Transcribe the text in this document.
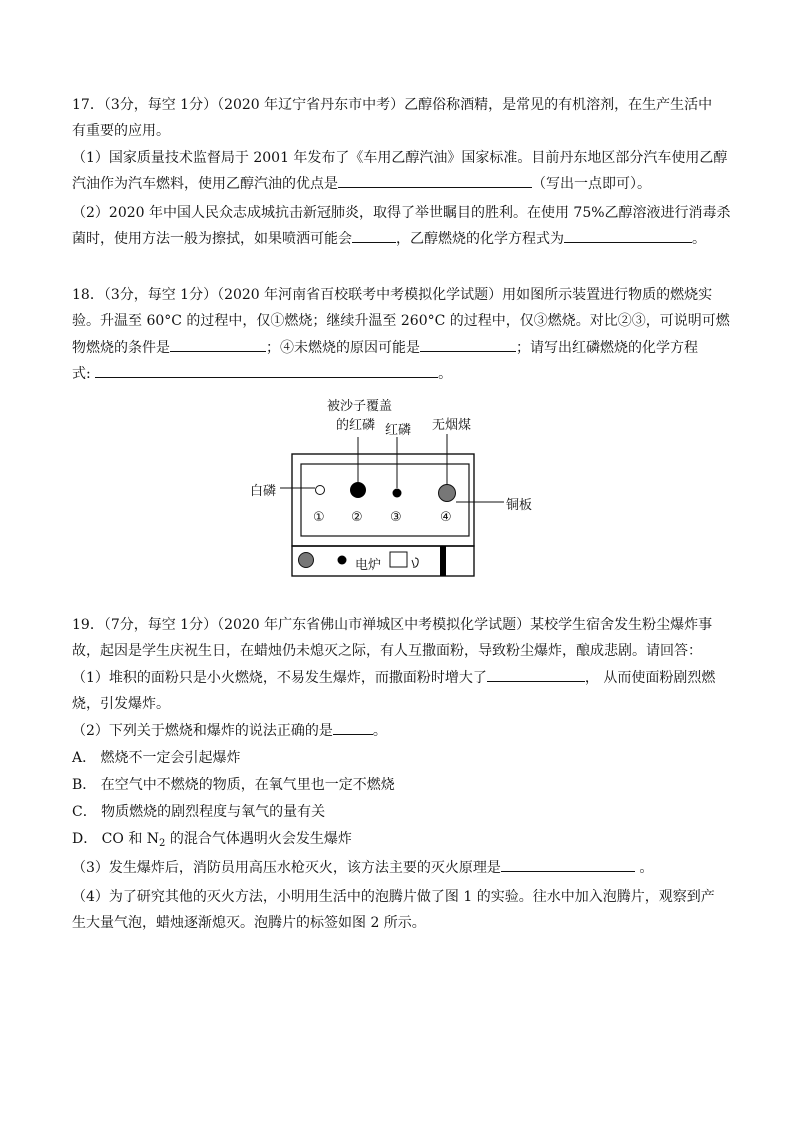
17．（3分，每空 1分）（2020 年辽宁省丹东市中考）乙醇俗称酒精，是常见的有机溶剂，在生产生活中
有重要的应用。
（1）国家质量技术监督局于 2001 年发布了《车用乙醇汽油》国家标准。目前丹东地区部分汽车使用乙醇
汽油作为汽车燃料，使用乙醇汽油的优点是	（写出一点即可）。
（2）2020 年中国人民众志成城抗击新冠肺炎，取得了举世瞩目的胜利。在使用 75%乙醇溶液进行消毒杀
菌时，使用方法一般为擦拭，如果喷洒可能会	，乙醇燃烧的化学方程式为	。
18．（3分，每空 1分）（2020 年河南省百校联考中考模拟化学试题）用如图所示装置进行物质的燃烧实
验。升温至 60°C 的过程中，仅①燃烧；继续升温至 260°C 的过程中，仅③燃烧。对比②③，可说明可燃
物燃烧的条件是	；④未燃烧的原因可能是	；请写出红磷燃烧的化学方程
式:	。
被沙子覆盖
的红磷 红磷 无烟煤
白磷
铜板
电炉
① ② ③	④
19．（7分，每空 1分）（2020 年广东省佛山市禅城区中考模拟化学试题）某校学生宿舍发生粉尘爆炸事
故，起因是学生庆祝生日，在蜡烛仍未熄灭之际，有人互撒面粉，导致粉尘爆炸，酿成悲剧。请回答：
（1）堆积的面粉只是小火燃烧，不易发生爆炸，而撒面粉时增大了	， 从而使面粉剧烈燃
烧，引发爆炸。
（2）下列关于燃烧和爆炸的说法正确的是	。
A． 燃烧不一定会引起爆炸
B． 在空气中不燃烧的物质，在氧气里也一定不燃烧
C． 物质燃烧的剧烈程度与氧气的量有关
D． CO 和 $N_2$ 的混合气体遇明火会发生爆炸
（3）发生爆炸后，消防员用高压水枪灭火，该方法主要的灭火原理是	。
（4）为了研究其他的灭火方法，小明用生活中的泡腾片做了图 1 的实验。往水中加入泡腾片，观察到产
生大量气泡，蜡烛逐渐熄灭。泡腾片的标签如图 2 所示。
